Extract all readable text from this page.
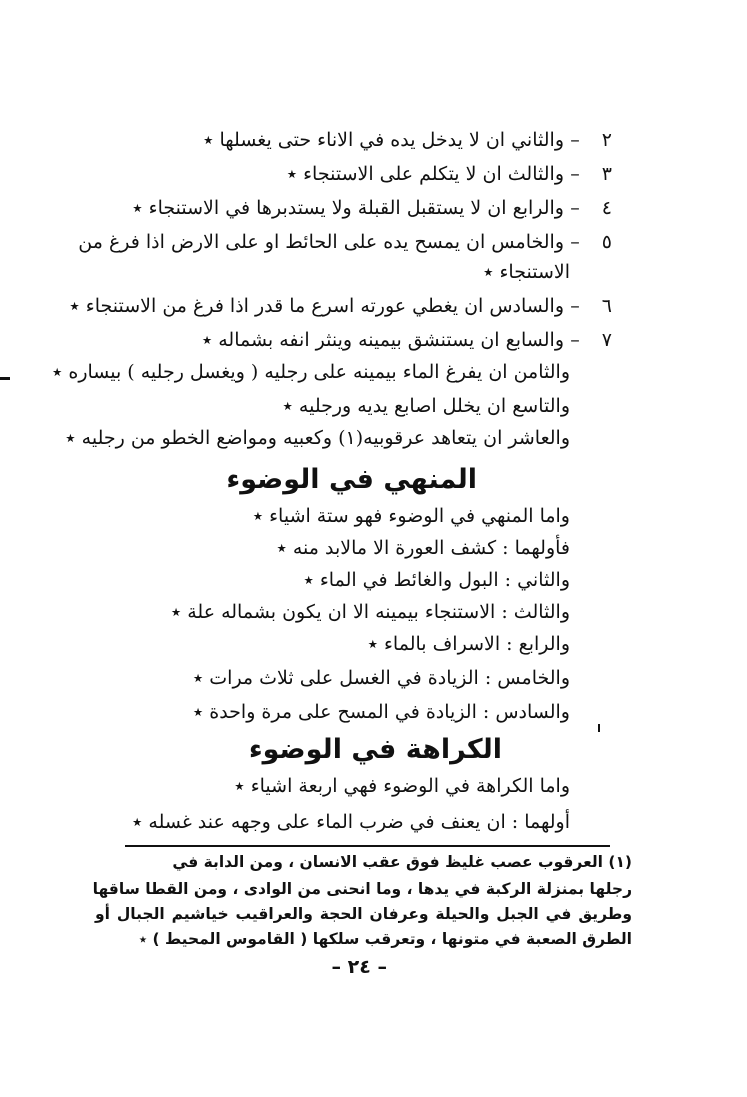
٢–والثاني ان لا يدخل يده في الاناء حتى يغسلها ٭
٣–والثالث ان لا يتكلم على الاستنجاء ٭
٤–والرابع ان لا يستقبل القبلة ولا يستدبرها في الاستنجاء ٭
٥–والخامس ان يمسح يده على الحائط او على الارض اذا فرغ من
الاستنجاء ٭
٦–والسادس ان يغطي عورته اسرع ما قدر اذا فرغ من الاستنجاء ٭
٧–والسابع ان يستنشق بيمينه وينثر انفه بشماله ٭
والثامن ان يفرغ الماء بيمينه على رجليه ( ويغسل رجليه ) بيساره ٭
والتاسع ان يخلل اصابع يديه ورجليه ٭
والعاشر ان يتعاهد عرقوبيه(١) وكعبيه ومواضع الخطو من رجليه ٭
المنهي في الوضوء
واما المنهي في الوضوء فهو ستة اشياء ٭
فأولهما : كشف العورة الا مالابد منه ٭
والثاني : البول والغائط في الماء ٭
والثالث : الاستنجاء بيمينه الا ان يكون بشماله علة ٭
والرابع : الاسراف بالماء ٭
والخامس : الزيادة في الغسل على ثلاث مرات ٭
والسادس : الزيادة في المسح على مرة واحدة ٭
الكراهة في الوضوء
واما الكراهة في الوضوء فهي اربعة اشياء ٭
أولهما : ان يعنف في ضرب الماء على وجهه عند غسله ٭
(١) العرقوب عصب غليظ فوق عقب الانسان ، ومن الدابة في
رجلها بمنزلة الركبة في يدها ، وما انحنى من الوادى ، ومن القطا ساقها
وطريق في الجبل والحيلة وعرفان الحجة والعراقيب خياشيم الجبال أو
الطرق الصعبة في متونها ، وتعرقب سلكها ( القاموس المحيط ) ٭
– ٢٤ –
